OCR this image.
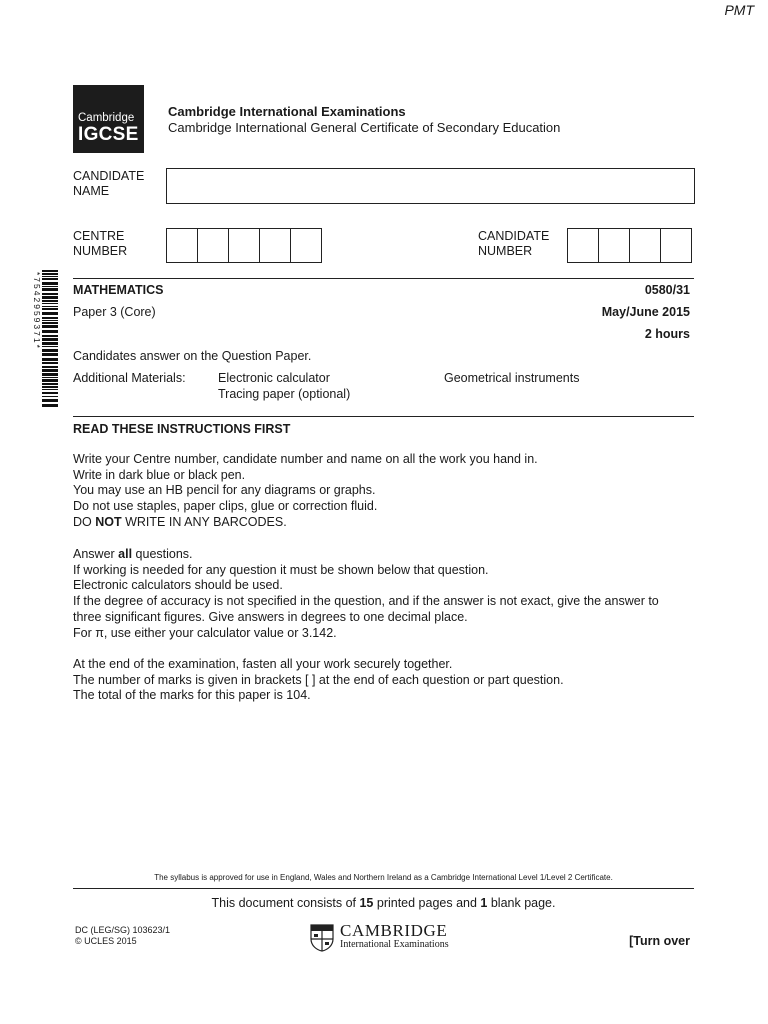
PMT
Cambridge
IGCSE
Cambridge International Examinations
Cambridge International General Certificate of Secondary Education
CANDIDATE
NAME
CENTRE
NUMBER
CANDIDATE
NUMBER
MATHEMATICS	0580/31
Paper 3 (Core)	May/June 2015
2 hours
Candidates answer on the Question Paper.
Additional Materials:	Electronic calculator
Tracing paper (optional)
Geometrical instruments
*7542959371*
READ THESE INSTRUCTIONS FIRST
Write your Centre number, candidate number and name on all the work you hand in.
Write in dark blue or black pen.
You may use an HB pencil for any diagrams or graphs.
Do not use staples, paper clips, glue or correction fluid.
DO NOT WRITE IN ANY BARCODES.
Answer all questions.
If working is needed for any question it must be shown below that question.
Electronic calculators should be used.
If the degree of accuracy is not specified in the question, and if the answer is not exact, give the answer to
three significant figures. Give answers in degrees to one decimal place.
For π, use either your calculator value or 3.142.
At the end of the examination, fasten all your work securely together.
The number of marks is given in brackets [ ] at the end of each question or part question.
The total of the marks for this paper is 104.
The syllabus is approved for use in England, Wales and Northern Ireland as a Cambridge International Level 1/Level 2 Certificate.
This document consists of 15 printed pages and 1 blank page.
DC (LEG/SG) 103623/1
© UCLES 2015
CAMBRIDGE
International Examinations	[Turn over
